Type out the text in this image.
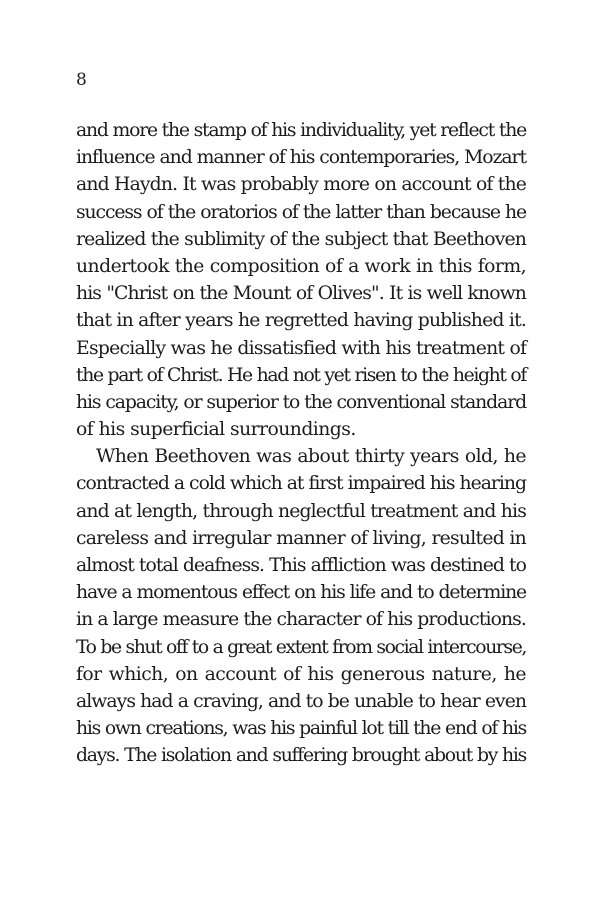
8
and more the stamp of his individuality, yet reflect the
influence and manner of his contemporaries, Mozart
and Haydn. It was probably more on account of the
success of the oratorios of the latter than because he
realized the sublimity of the subject that Beethoven
undertook the composition of a work in this form,
his "Christ on the Mount of Olives". It is well known
that in after years he regretted having published it.
Especially was he dissatisfied with his treatment of
the part of Christ. He had not yet risen to the height of
his capacity, or superior to the conventional standard
of his superficial surroundings.
When Beethoven was about thirty years old, he
contracted a cold which at first impaired his hearing
and at length, through neglectful treatment and his
careless and irregular manner of living, resulted in
almost total deafness. This affliction was destined to
have a momentous effect on his life and to determine
in a large measure the character of his productions.
To be shut off to a great extent from social intercourse,
for which, on account of his generous nature, he
always had a craving, and to be unable to hear even
his own creations, was his painful lot till the end of his
days. The isolation and suffering brought about by his
